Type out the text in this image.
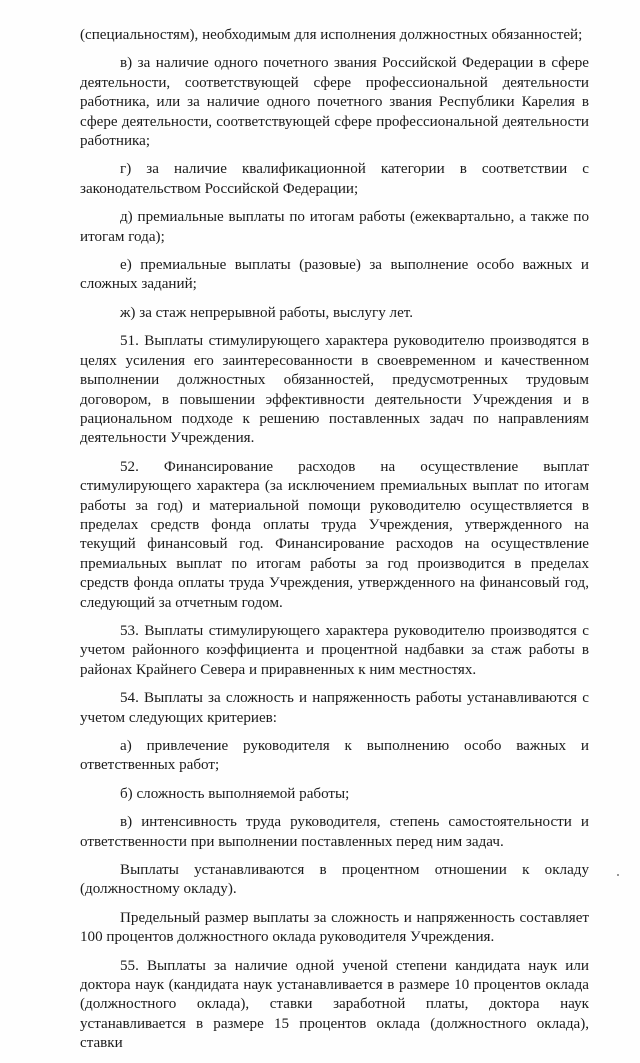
(специальностям), необходимым для исполнения должностных обязанностей;

в) за наличие одного почетного звания Российской Федерации в сфере деятельности, соответствующей сфере профессиональной деятельности работника, или за наличие одного почетного звания Республики Карелия в сфере деятельности, соответствующей сфере профессиональной деятельности работника;

г) за наличие квалификационной категории в соответствии с законодательством Российской Федерации;

д) премиальные выплаты по итогам работы (ежеквартально, а также по итогам года);

е) премиальные выплаты (разовые) за выполнение особо важных и сложных заданий;

ж) за стаж непрерывной работы, выслугу лет.

51. Выплаты стимулирующего характера руководителю производятся в целях усиления его заинтересованности в своевременном и качественном выполнении должностных обязанностей, предусмотренных трудовым договором, в повышении эффективности деятельности Учреждения и в рациональном подходе к решению поставленных задач по направлениям деятельности Учреждения.

52. Финансирование расходов на осуществление выплат стимулирующего характера (за исключением премиальных выплат по итогам работы за год) и материальной помощи руководителю осуществляется в пределах средств фонда оплаты труда Учреждения, утвержденного на текущий финансовый год. Финансирование расходов на осуществление премиальных выплат по итогам работы за год производится в пределах средств фонда оплаты труда Учреждения, утвержденного на финансовый год, следующий за отчетным годом.

53. Выплаты стимулирующего характера руководителю производятся с учетом районного коэффициента и процентной надбавки за стаж работы в районах Крайнего Севера и приравненных к ним местностях.

54. Выплаты за сложность и напряженность работы устанавливаются с учетом следующих критериев:

а) привлечение руководителя к выполнению особо важных и ответственных работ;

б) сложность выполняемой работы;

в) интенсивность труда руководителя, степень самостоятельности и ответственности при выполнении поставленных перед ним задач.

Выплаты устанавливаются в процентном отношении к окладу (должностному окладу).

Предельный размер выплаты за сложность и напряженность составляет 100 процентов должностного оклада руководителя Учреждения.

55. Выплаты за наличие одной ученой степени кандидата наук или доктора наук (кандидата наук устанавливается в размере 10 процентов оклада (должностного оклада), ставки заработной платы, доктора наук устанавливается в размере 15 процентов оклада (должностного оклада), ставки
